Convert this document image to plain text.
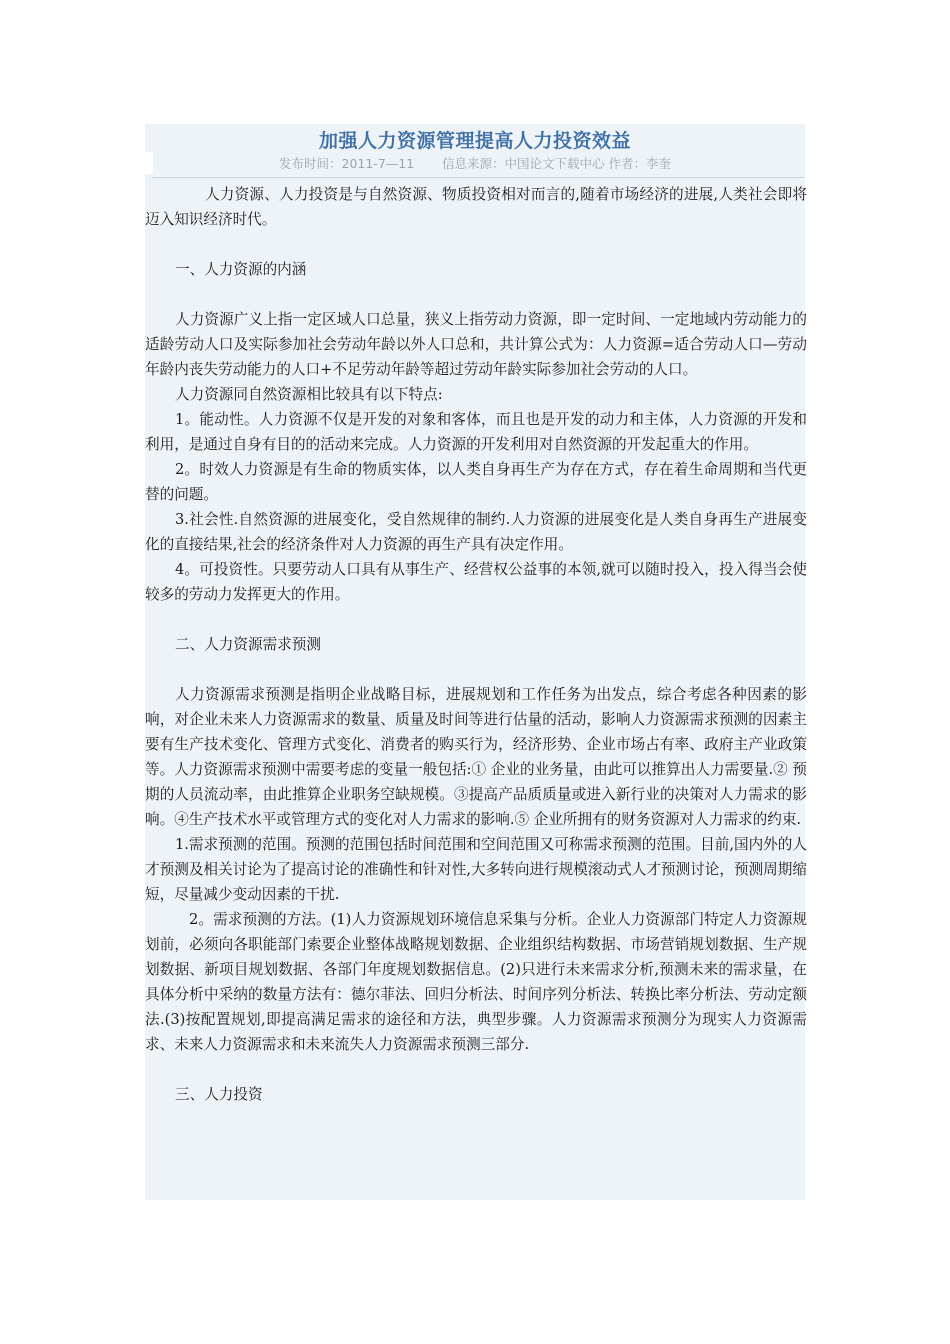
加强人力资源管理提高人力投资效益
发布时间：2011-7—11       信息来源：中国论文下载中心 作者：李奎

人力资源、人力投资是与自然资源、物质投资相对而言的,随着市场经济的进展,人类社会即将迈入知识经济时代。

一、人力资源的内涵

人力资源广义上指一定区域人口总量，狭义上指劳动力资源，即一定时间、一定地域内劳动能力的适龄劳动人口及实际参加社会劳动年龄以外人口总和，共计算公式为：人力资源=适合劳动人口—劳动年龄内丧失劳动能力的人口+不足劳动年龄等超过劳动年龄实际参加社会劳动的人口。

人力资源同自然资源相比较具有以下特点:

1。能动性。人力资源不仅是开发的对象和客体，而且也是开发的动力和主体，人力资源的开发和利用，是通过自身有目的的活动来完成。人力资源的开发利用对自然资源的开发起重大的作用。

2。时效人力资源是有生命的物质实体，以人类自身再生产为存在方式，存在着生命周期和当代更替的问题。

3.社会性.自然资源的进展变化，受自然规律的制约.人力资源的进展变化是人类自身再生产进展变化的直接结果,社会的经济条件对人力资源的再生产具有决定作用。

4。可投资性。只要劳动人口具有从事生产、经营权公益事的本领,就可以随时投入，投入得当会使较多的劳动力发挥更大的作用。

二、人力资源需求预测

人力资源需求预测是指明企业战略目标，进展规划和工作任务为出发点，综合考虑各种因素的影响，对企业未来人力资源需求的数量、质量及时间等进行估量的活动，影响人力资源需求预测的因素主要有生产技术变化、管理方式变化、消费者的购买行为，经济形势、企业市场占有率、政府主产业政策等。人力资源需求预测中需要考虑的变量一般包括:① 企业的业务量，由此可以推算出人力需要量.② 预期的人员流动率，由此推算企业职务空缺规模。③提高产品质质量或进入新行业的决策对人力需求的影响。④生产技术水平或管理方式的变化对人力需求的影响.⑤ 企业所拥有的财务资源对人力需求的约束.

1.需求预测的范围。预测的范围包括时间范围和空间范围又可称需求预测的范围。目前,国内外的人才预测及相关讨论为了提高讨论的准确性和针对性,大多转向进行规模滚动式人才预测讨论，预测周期缩短，尽量减少变动因素的干扰.

2。需求预测的方法。(1)人力资源规划环境信息采集与分析。企业人力资源部门特定人力资源规划前，必须向各职能部门索要企业整体战略规划数据、企业组织结构数据、市场营销规划数据、生产规划数据、新项目规划数据、各部门年度规划数据信息。(2)只进行未来需求分析,预测未来的需求量，在具体分析中采纳的数量方法有：德尔菲法、回归分析法、时间序列分析法、转换比率分析法、劳动定额法.(3)按配置规划,即提高满足需求的途径和方法，典型步骤。人力资源需求预测分为现实人力资源需求、未来人力资源需求和未来流失人力资源需求预测三部分.

三、人力投资
